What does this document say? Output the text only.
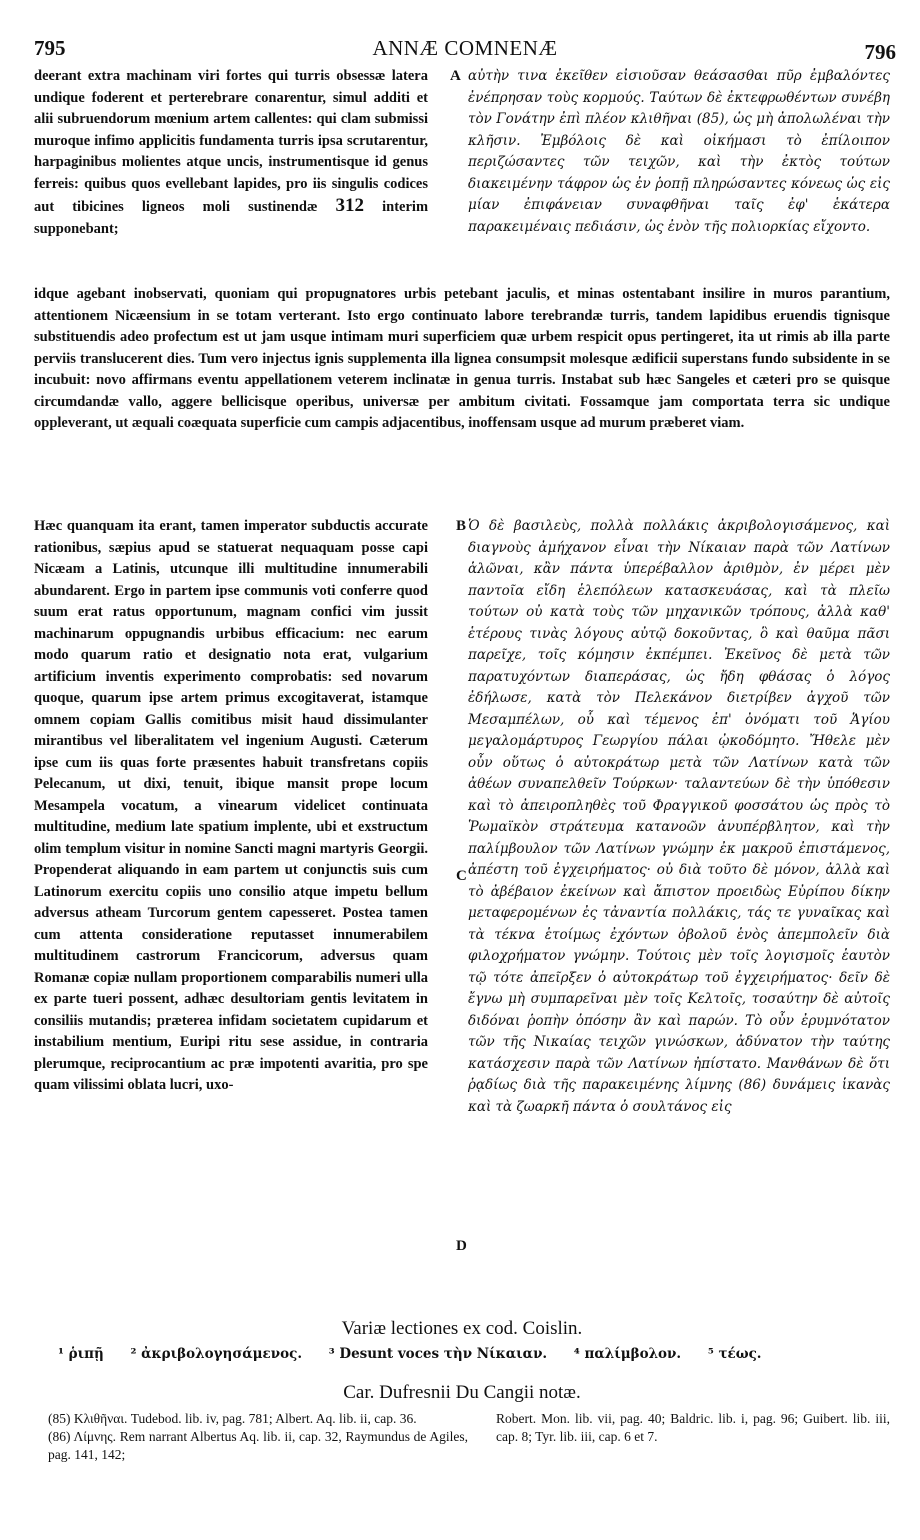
795	ANNÆ COMNENÆ	796
A

deerant extra machinam viri fortes qui turris obsessæ latera undique foderent et perterebrare conarentur, simul additi et alii subruendorum mœnium artem callentes: qui clam submissi muroque infimo applicitis fundamenta turris ipsa scrutarentur, harpaginibus molientes atque uncis, instrumentisque id genus ferreis: quibus quos evellebant lapides, pro iis singulis codices aut tibicines ligneos moli sustinendæ 312 interim supponebant;

αὐτὴν τινα ἐκεῖθεν εἰσιοῦσαν θεάσασθαι πῦρ ἐμβαλόντες ἐνέπρησαν τοὺς κορμούς. Ταύτων δὲ ἐκτεφρωθέντων συνέβη τὸν Γονάτην ἐπὶ πλέον κλιθῆναι (85), ὡς μὴ ἀπολωλέναι τὴν κλῆσιν. Ἐμβόλοις δὲ καὶ οἰκήμασι τὸ ἐπίλοιπον περιζώσαντες τῶν τειχῶν, καὶ τὴν ἐκτὸς τούτων διακειμένην τάφρον ὡς ἐν ῥοπῇ πληρώσαντες κόνεως ὡς εἰς μίαν ἐπιφάνειαν συναφθῆναι ταῖς ἐφ' ἑκάτερα παρακειμέναις πεδιάσιν, ὡς ἐνὸν τῆς πολιορκίας εἴχοντο.

idque agebant inobservati, quoniam qui propugnatores urbis petebant jaculis, et minas ostentabant insilire in muros parantium, attentionem Nicæensium in se totam verterant. Isto ergo continuato labore terebrandæ turris, tandem lapidibus eruendis tignisque substituendis adeo profectum est ut jam usque intimam muri superficiem quæ urbem respicit opus pertingeret, ita ut rimis ab illa parte perviis translucerent dies. Tum vero injectus ignis supplementa illa lignea consumpsit molesque ædificii superstans fundo subsidente in se incubuit: novo affirmans eventu appellationem veterem inclinatæ in genua turris. Instabat sub hæc Sangeles et cæteri pro se quisque circumdandæ vallo, aggere bellicisque operibus, universæ per ambitum civitati. Fossamque jam comportata terra sic undique oppleverant, ut æquali coæquata superficie cum campis adjacentibus, inoffensam usque ad murum præberet viam.

B
C
D

Hæc quanquam ita erant, tamen imperator subductis accurate rationibus, sæpius apud se statuerat nequaquam posse capi Nicæam a Latinis, utcunque illi multitudine innumerabili abundarent. Ergo in partem ipse communis voti conferre quod suum erat ratus opportunum, magnam confici vim jussit machinarum oppugnandis urbibus efficacium: nec earum modo quarum ratio et designatio nota erat, vulgarium artificium inventis experimento comprobatis: sed novarum quoque, quarum ipse artem primus excogitaverat, istamque omnem copiam Gallis comitibus misit haud dissimulanter mirantibus vel liberalitatem vel ingenium Augusti. Cæterum ipse cum iis quas forte præsentes habuit transfretans copiis Pelecanum, ut dixi, tenuit, ibique mansit prope locum Mesampela vocatum, a vinearum videlicet continuata multitudine, medium late spatium implente, ubi et exstructum olim templum visitur in nomine Sancti magni martyris Georgii. Propenderat aliquando in eam partem ut conjunctis suis cum Latinorum exercitu copiis uno consilio atque impetu bellum adversus atheam Turcorum gentem capesseret. Postea tamen cum attenta consideratione reputasset innumerabilem multitudinem castrorum Francicorum, adversus quam Romanæ copiæ nullam proportionem comparabilis numeri ulla ex parte tueri possent, adhæc desultoriam gentis levitatem in consiliis mutandis; præterea infidam societatem cupidarum et instabilium mentium, Euripi ritu sese assidue, in contraria plerumque, reciprocantium ac præ impotenti avaritia, pro spe quam vilissimi oblata lucri, uxo-

Ὁ δὲ βασιλεὺς, πολλὰ πολλάκις ἀκριβολογισάμενος, καὶ διαγνοὺς ἀμήχανον εἶναι τὴν Νίκαιαν παρὰ τῶν Λατίνων ἁλῶναι, κἂν πάντα ὑπερέβαλλον ἀριθμὸν, ἐν μέρει μὲν παντοῖα εἴδη ἑλεπόλεων κατασκευάσας, καὶ τὰ πλεῖω τούτων οὐ κατὰ τοὺς τῶν μηχανικῶν τρόπους, ἀλλὰ καθ' ἑτέρους τινὰς λόγους αὐτῷ δοκοῦντας, ὃ καὶ θαῦμα πᾶσι παρεῖχε, τοῖς κόμησιν ἐκπέμπει. Ἐκεῖνος δὲ μετὰ τῶν παρατυχόντων διαπεράσας, ὡς ἤδη φθάσας ὁ λόγος ἐδήλωσε, κατὰ τὸν Πελεκάνον διετρίβεν ἀγχοῦ τῶν Μεσαμπέλων, οὗ καὶ τέμενος ἐπ' ὀνόματι τοῦ Ἁγίου μεγαλομάρτυρος Γεωργίου πάλαι ᾠκοδόμητο. Ἤθελε μὲν οὖν οὕτως ὁ αὐτοκράτωρ μετὰ τῶν Λατίνων κατὰ τῶν ἀθέων συναπελθεῖν Τούρκων· ταλαντεύων δὲ τὴν ὑπόθεσιν καὶ τὸ ἀπειροπληθὲς τοῦ Φραγγικοῦ φοσσάτου ὡς πρὸς τὸ Ῥωμαϊκὸν στράτευμα κατανοῶν ἀνυπέρβλητον, καὶ τὴν παλίμβουλον τῶν Λατίνων γνώμην ἐκ μακροῦ ἐπιστάμενος, ἀπέστη τοῦ ἐγχειρήματος· οὐ διὰ τοῦτο δὲ μόνον, ἀλλὰ καὶ τὸ ἀβέβαιον ἐκείνων καὶ ἄπιστον προειδὼς Εὐρίπου δίκην μεταφερομένων ἐς τἀναντία πολλάκις, τάς τε γυναῖκας καὶ τὰ τέκνα ἑτοίμως ἐχόντων ὀβολοῦ ἑνὸς ἀπεμπολεῖν διὰ φιλοχρήματον γνώμην. Τούτοις μὲν τοῖς λογισμοῖς ἑαυτὸν τῷ τότε ἀπεῖρξεν ὁ αὐτοκράτωρ τοῦ ἐγχειρήματος· δεῖν δὲ ἔγνω μὴ συμπαρεῖναι μὲν τοῖς Κελτοῖς, τοσαύτην δὲ αὐτοῖς διδόναι ῥοπὴν ὁπόσην ἂν καὶ παρών. Τὸ οὖν ἐρυμνότατον τῶν τῆς Νικαίας τειχῶν γινώσκων, ἀδύνατον τὴν ταύτης κατάσχεσιν παρὰ τῶν Λατίνων ἠπίστατο. Μανθάνων δὲ ὅτι ῥᾳδίως διὰ τῆς παρακειμένης λίμνης (86) δυνάμεις ἱκανὰς καὶ τὰ ζωαρκῆ πάντα ὁ σουλτάνος εἰς

Variæ lectiones ex cod. Coislin.
¹ ῥιπῇ ² ἀκριβολογησάμενος. ³ Desunt voces τὴν Νίκαιαν. ⁴ παλίμβολον. ⁵ τέως.
Car. Dufresnii Du Cangii notæ.

(85) Κλιθῆναι. Tudebod. lib. iv, pag. 781; Albert. Aq. lib. ii, cap. 36.

(86) Λίμνης. Rem narrant Albertus Aq. lib. ii, cap. 32, Raymundus de Agiles, pag. 141, 142;

Robert. Mon. lib. vii, pag. 40; Baldric. lib. i, pag. 96; Guibert. lib. iii, cap. 8; Tyr. lib. iii, cap. 6 et 7.
